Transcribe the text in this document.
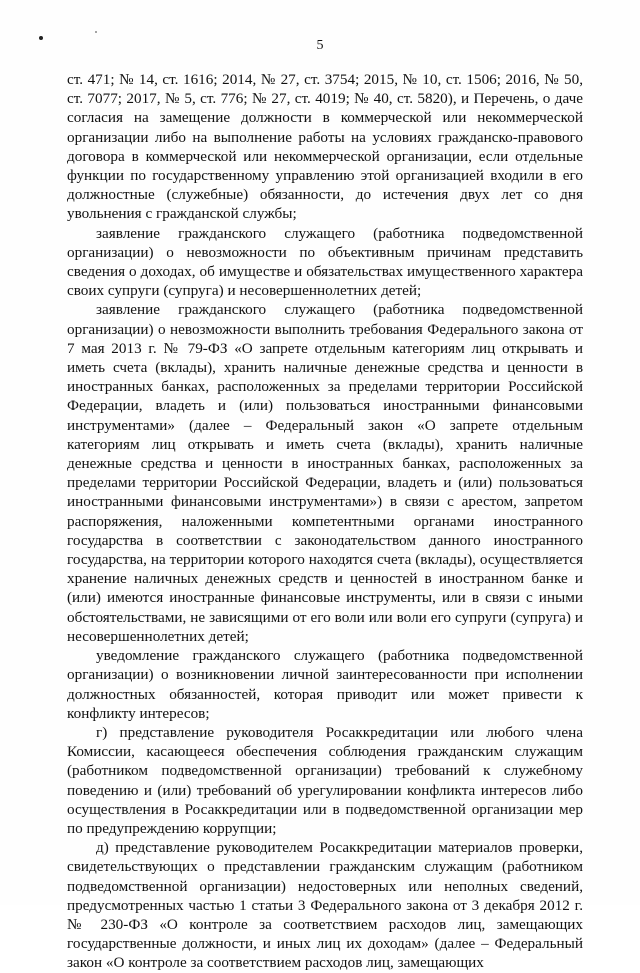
5

ст. 471; № 14, ст. 1616; 2014, № 27, ст. 3754; 2015, № 10, ст. 1506; 2016, № 50, ст. 7077; 2017, № 5, ст. 776; № 27, ст. 4019; № 40, ст. 5820), и Перечень, о даче согласия на замещение должности в коммерческой или некоммерческой организации либо на выполнение работы на условиях гражданско-правового договора в коммерческой или некоммерческой организации, если отдельные функции по государственному управлению этой организацией входили в его должностные (служебные) обязанности, до истечения двух лет со дня увольнения с гражданской службы;

заявление гражданского служащего (работника подведомственной организации) о невозможности по объективным причинам представить сведения о доходах, об имуществе и обязательствах имущественного характера своих супруги (супруга) и несовершеннолетних детей;

заявление гражданского служащего (работника подведомственной организации) о невозможности выполнить требования Федерального закона от 7 мая 2013 г. № 79-ФЗ «О запрете отдельным категориям лиц открывать и иметь счета (вклады), хранить наличные денежные средства и ценности в иностранных банках, расположенных за пределами территории Российской Федерации, владеть и (или) пользоваться иностранными финансовыми инструментами» (далее – Федеральный закон «О запрете отдельным категориям лиц открывать и иметь счета (вклады), хранить наличные денежные средства и ценности в иностранных банках, расположенных за пределами территории Российской Федерации, владеть и (или) пользоваться иностранными финансовыми инструментами») в связи с арестом, запретом распоряжения, наложенными компетентными органами иностранного государства в соответствии с законодательством данного иностранного государства, на территории которого находятся счета (вклады), осуществляется хранение наличных денежных средств и ценностей в иностранном банке и (или) имеются иностранные финансовые инструменты, или в связи с иными обстоятельствами, не зависящими от его воли или воли его супруги (супруга) и несовершеннолетних детей;

уведомление гражданского служащего (работника подведомственной организации) о возникновении личной заинтересованности при исполнении должностных обязанностей, которая приводит или может привести к конфликту интересов;

г) представление руководителя Росаккредитации или любого члена Комиссии, касающееся обеспечения соблюдения гражданским служащим (работником подведомственной организации) требований к служебному поведению и (или) требований об урегулировании конфликта интересов либо осуществления в Росаккредитации или в подведомственной организации мер по предупреждению коррупции;

д) представление руководителем Росаккредитации материалов проверки, свидетельствующих о представлении гражданским служащим (работником подведомственной организации) недостоверных или неполных сведений, предусмотренных частью 1 статьи 3 Федерального закона от 3 декабря 2012 г. № 230-ФЗ «О контроле за соответствием расходов лиц, замещающих государственные должности, и иных лиц их доходам» (далее – Федеральный закон «О контроле за соответствием расходов лиц, замещающих
